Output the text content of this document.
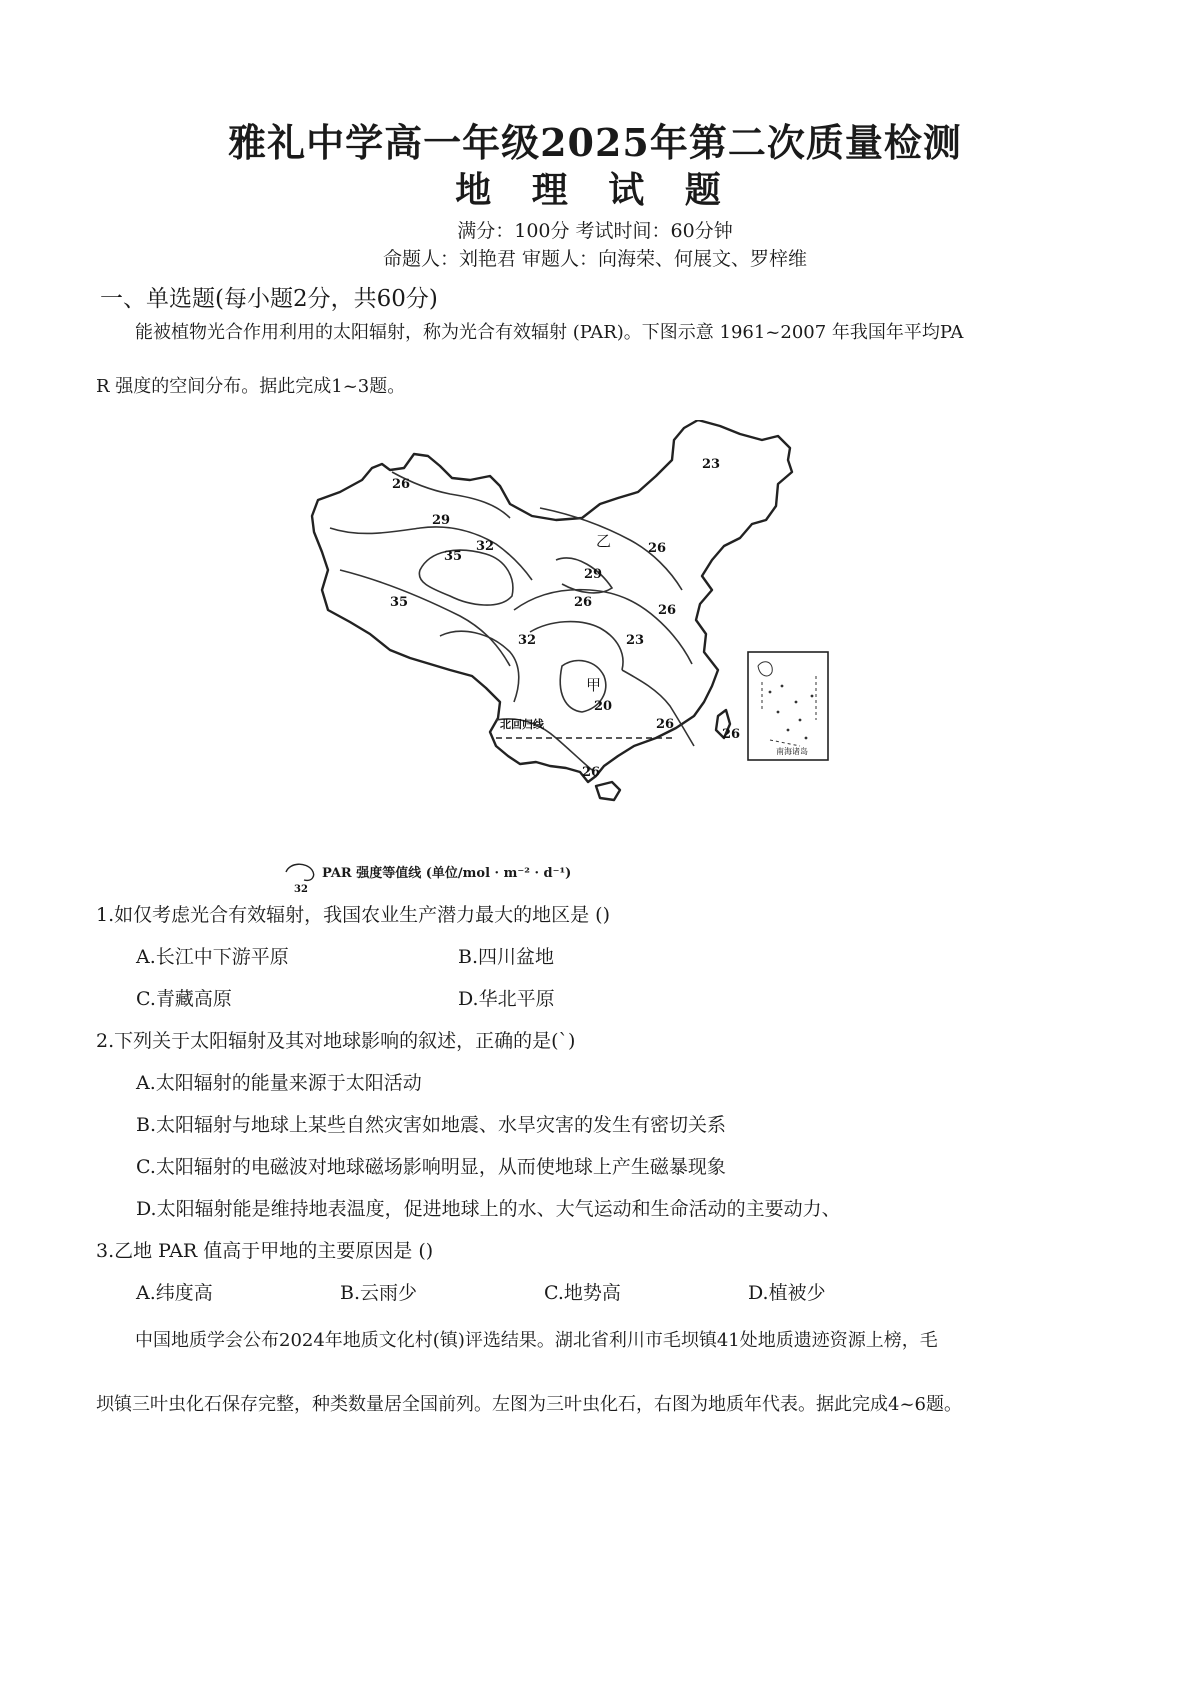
雅礼中学高一年级2025年第二次质量检测
地 理 试 题
满分：100分 考试时间：60分钟
命题人：刘艳君 审题人：向海荣、何展文、罗梓维
一、单选题(每小题2分，共60分)
能被植物光合作用利用的太阳辐射，称为光合有效辐射 (PAR)。下图示意 1961~2007 年我国年平均PA
R 强度的空间分布。据此完成1~3题。
23
26
29
32
35
35
29
26
26
32	23
26
26
26
26
20
乙
甲
北回归线
南海诸岛
32
PAR 强度等值线 (单位/mol · m⁻² · d⁻¹)
1.如仅考虑光合有效辐射，我国农业生产潜力最大的地区是 ()
A.长江中下游平原	B.四川盆地
C.青藏高原	D.华北平原
2.下列关于太阳辐射及其对地球影响的叙述，正确的是(`)
A.太阳辐射的能量来源于太阳活动
B.太阳辐射与地球上某些自然灾害如地震、水旱灾害的发生有密切关系
C.太阳辐射的电磁波对地球磁场影响明显，从而使地球上产生磁暴现象
D.太阳辐射能是维持地表温度，促进地球上的水、大气运动和生命活动的主要动力、
3.乙地 PAR 值高于甲地的主要原因是 ()
A.纬度高	B.云雨少	C.地势高	D.植被少
中国地质学会公布2024年地质文化村(镇)评选结果。湖北省利川市毛坝镇41处地质遗迹资源上榜，毛
坝镇三叶虫化石保存完整，种类数量居全国前列。左图为三叶虫化石，右图为地质年代表。据此完成4~6题。
